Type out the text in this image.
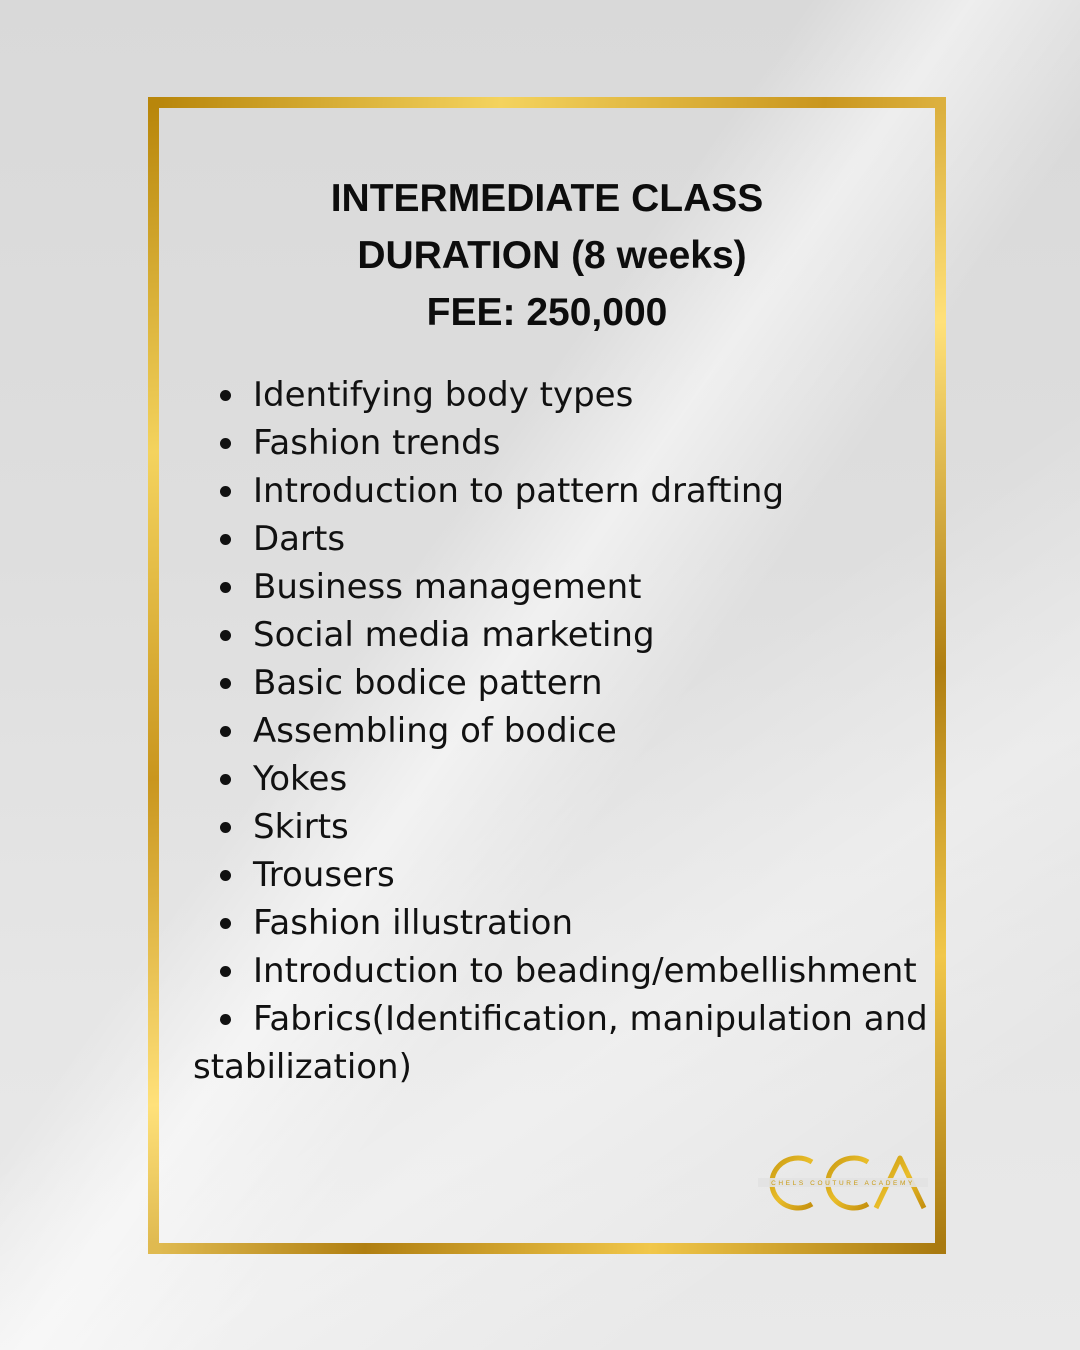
INTERMEDIATE CLASS
DURATION (8 weeks)
FEE: 250,000
Identifying body types
Fashion trends
Introduction to pattern drafting
Darts
Business management
Social media marketing
Basic bodice pattern
Assembling of bodice
Yokes
Skirts
Trousers
Fashion illustration
Introduction to beading/embellishment
Fabrics(Identification, manipulation and stabilization)
CHELS COUTURE ACADEMY
